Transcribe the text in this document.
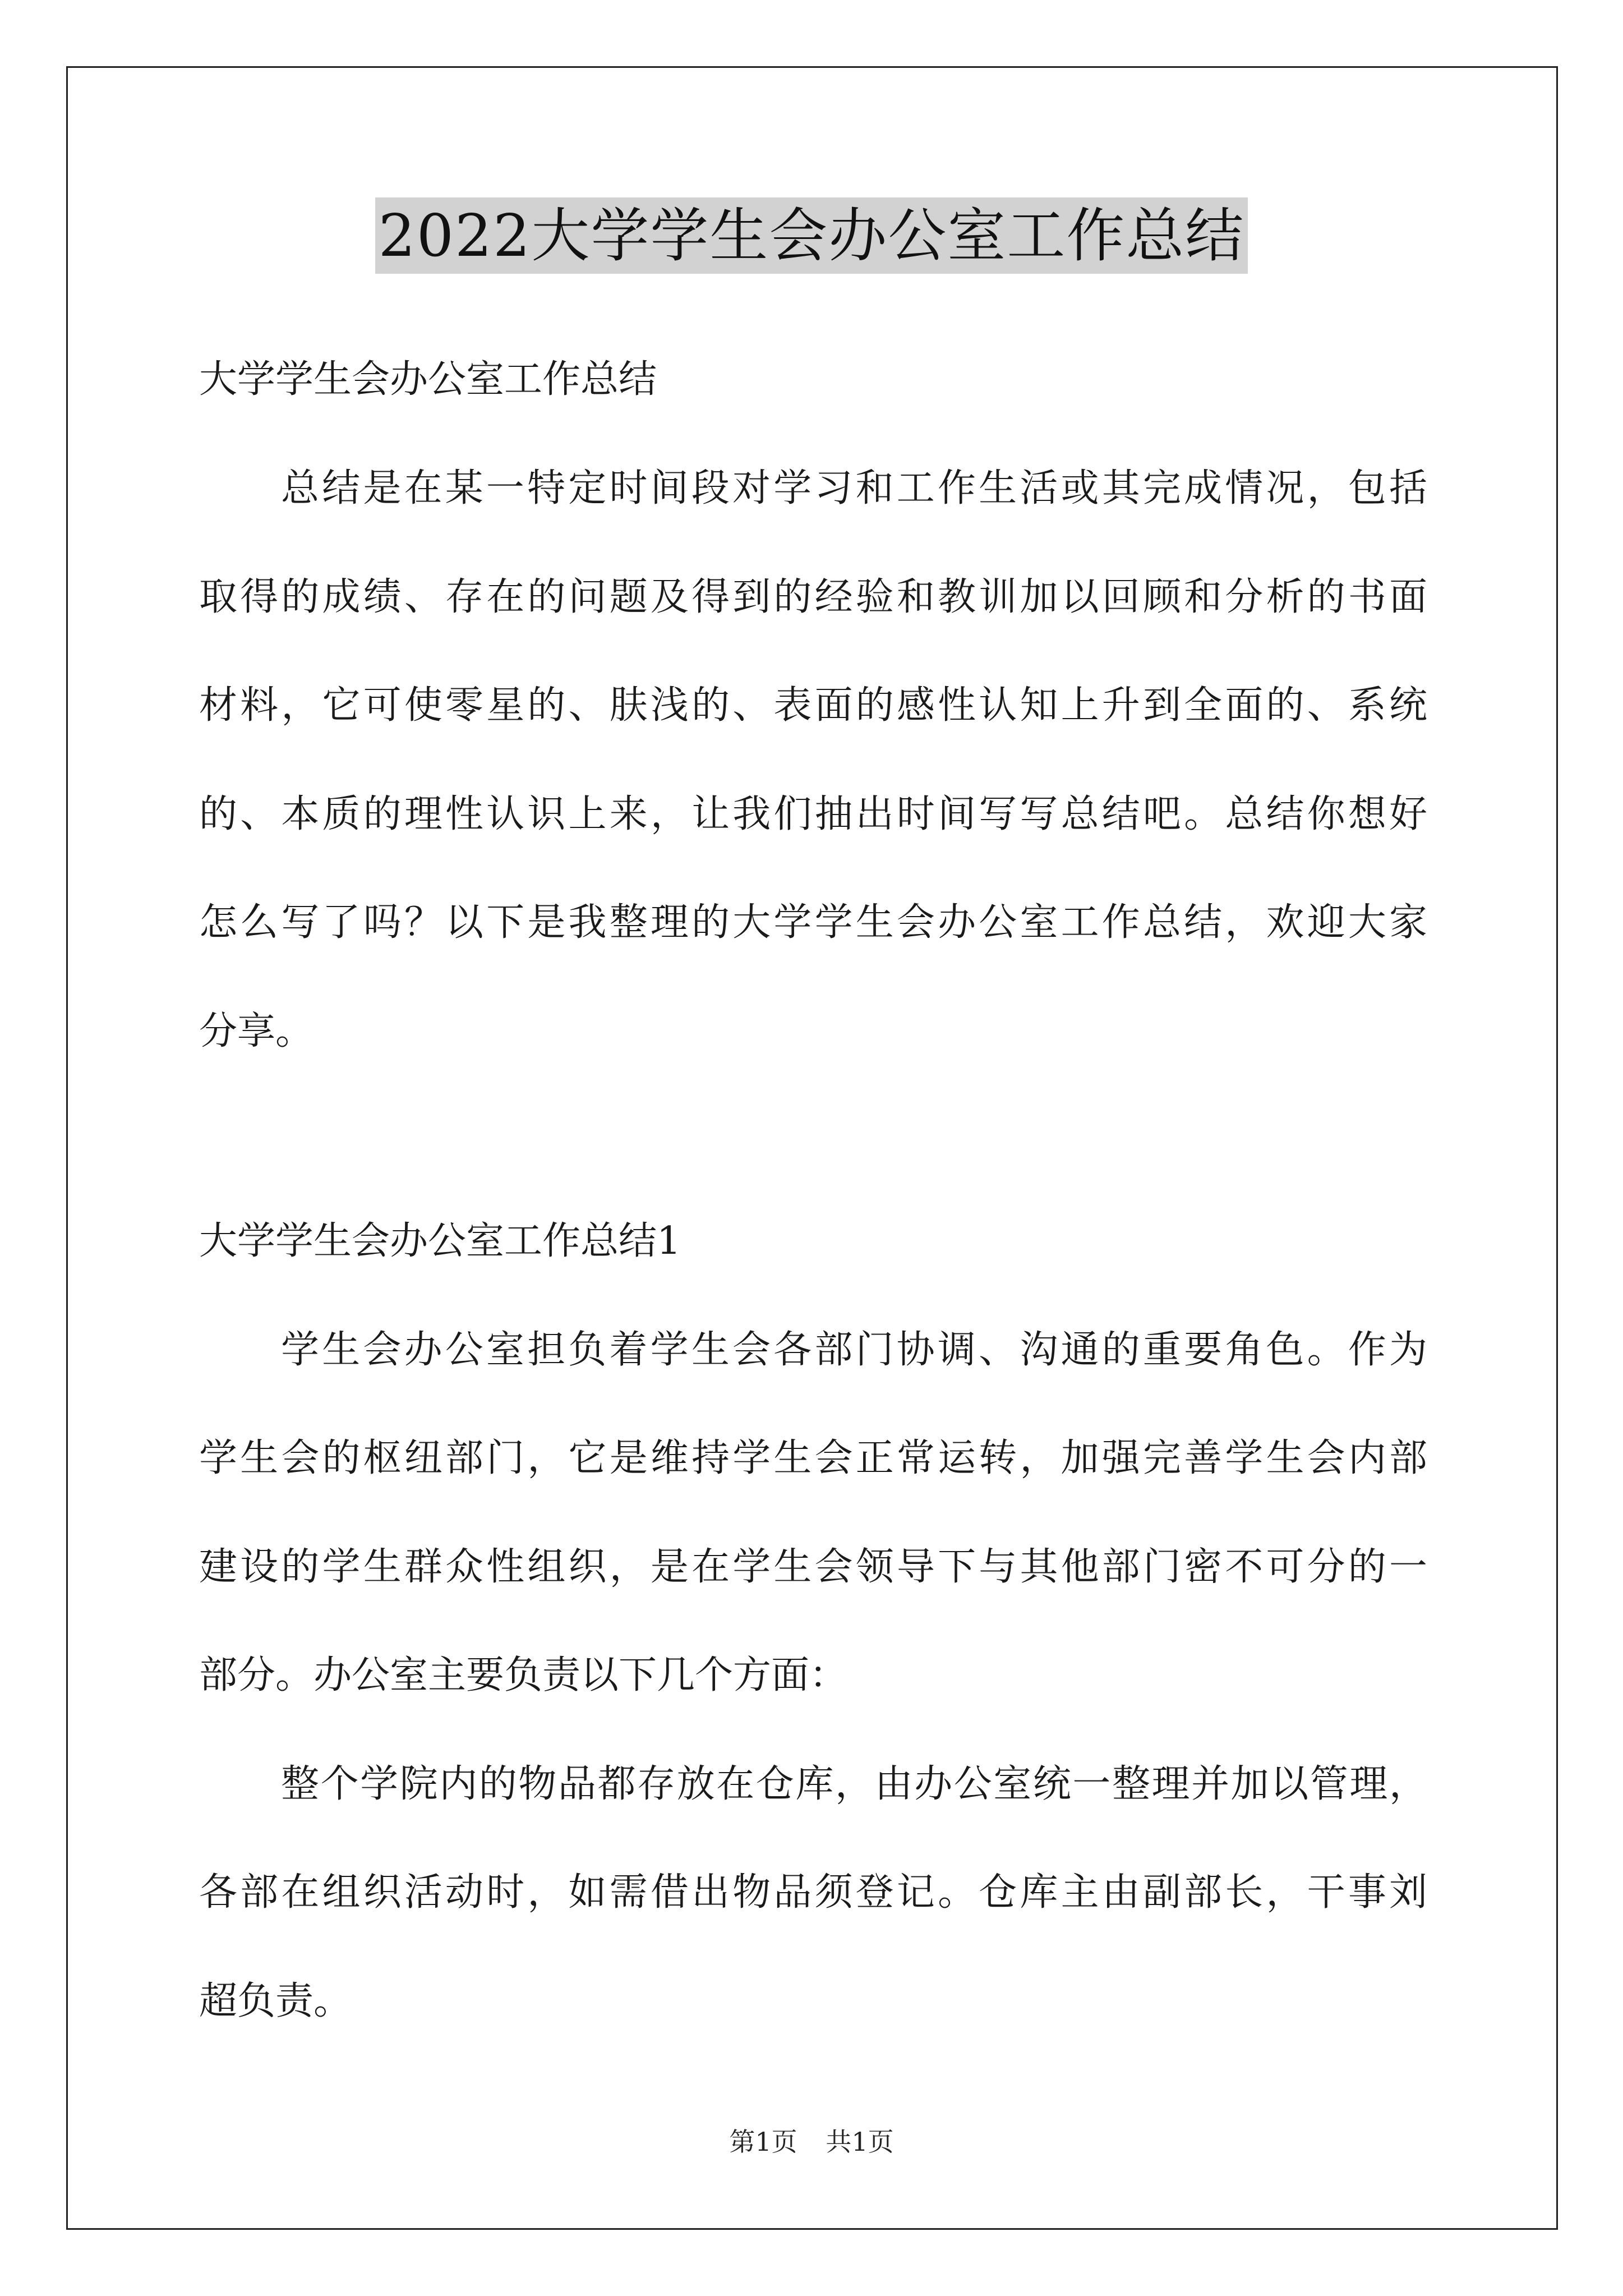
2022大学学生会办公室工作总结
大学学生会办公室工作总结
总结是在某一特定时间段对学习和工作生活或其完成情况，包括
取得的成绩、存在的问题及得到的经验和教训加以回顾和分析的书面
材料，它可使零星的、肤浅的、表面的感性认知上升到全面的、系统
的、本质的理性认识上来，让我们抽出时间写写总结吧。总结你想好
怎么写了吗？以下是我整理的大学学生会办公室工作总结，欢迎大家
分享。
大学学生会办公室工作总结1
学生会办公室担负着学生会各部门协调、沟通的重要角色。作为
学生会的枢纽部门，它是维持学生会正常运转，加强完善学生会内部
建设的学生群众性组织，是在学生会领导下与其他部门密不可分的一
部分。办公室主要负责以下几个方面：
整个学院内的物品都存放在仓库，由办公室统一整理并加以管理，
各部在组织活动时，如需借出物品须登记。仓库主由副部长，干事刘
超负责。
第1页 共1页
